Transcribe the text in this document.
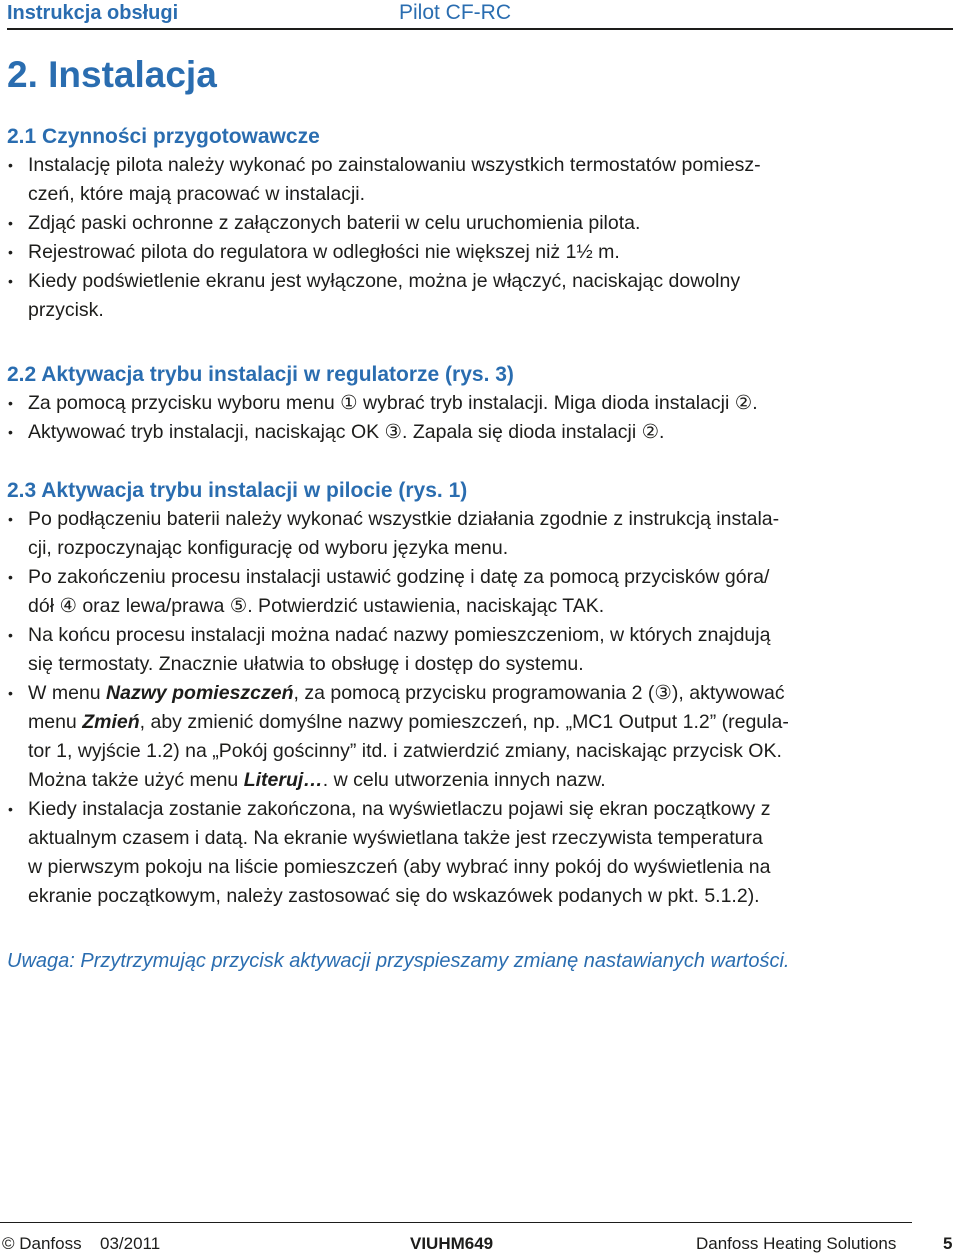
Instrukcja obsługi	Pilot CF-RC
2. Instalacja

2.1 Czynności przygotowawcze

• Instalację pilota należy wykonać po zainstalowaniu wszystkich termostatów pomiesz-
czeń, które mają pracować w instalacji.
• Zdjąć paski ochronne z załączonych baterii w celu uruchomienia pilota.
• Rejestrować pilota do regulatora w odległości nie większej niż 1½ m.
• Kiedy podświetlenie ekranu jest wyłączone, można je włączyć, naciskając dowolny
przycisk.

2.2 Aktywacja trybu instalacji w regulatorze (rys. 3)

• Za pomocą przycisku wyboru menu ① wybrać tryb instalacji. Miga dioda instalacji ②.
• Aktywować tryb instalacji, naciskając OK ③. Zapala się dioda instalacji ②.

2.3 Aktywacja trybu instalacji w pilocie (rys. 1)

• Po podłączeniu baterii należy wykonać wszystkie działania zgodnie z instrukcją instala-
cji, rozpoczynając konfigurację od wyboru języka menu.
• Po zakończeniu procesu instalacji ustawić godzinę i datę za pomocą przycisków góra/
dół ④ oraz lewa/prawa ⑤. Potwierdzić ustawienia, naciskając TAK.
• Na końcu procesu instalacji można nadać nazwy pomieszczeniom, w których znajdują
się termostaty. Znacznie ułatwia to obsługę i dostęp do systemu.
• W menu Nazwy pomieszczeń, za pomocą przycisku programowania 2 (③), aktywować
menu Zmień, aby zmienić domyślne nazwy pomieszczeń, np. „MC1 Output 1.2” (regula-
tor 1, wyjście 1.2) na „Pokój gościnny” itd. i zatwierdzić zmiany, naciskając przycisk OK.
Można także użyć menu Literuj…. w celu utworzenia innych nazw.
• Kiedy instalacja zostanie zakończona, na wyświetlaczu pojawi się ekran początkowy z
aktualnym czasem i datą. Na ekranie wyświetlana także jest rzeczywista temperatura
w pierwszym pokoju na liście pomieszczeń (aby wybrać inny pokój do wyświetlenia na
ekranie początkowym, należy zastosować się do wskazówek podanych w pkt. 5.1.2).
Uwaga: Przytrzymując przycisk aktywacji przyspieszamy zmianę nastawianych wartości.
© Danfoss 03/2011	VIUHM649	Danfoss Heating Solutions	5
